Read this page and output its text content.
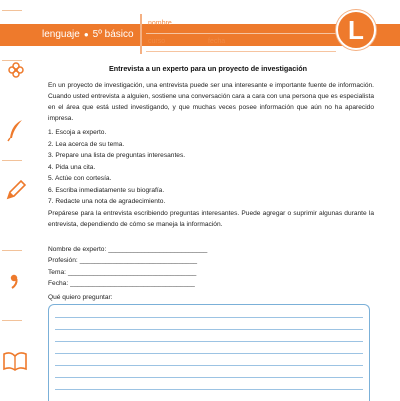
lenguaje ● 5º básico
nombre
curso	fecha	L
Entrevista a un experto para un proyecto de investigación
En un proyecto de investigación, una entrevista puede ser una interesante e importante fuente de información. Cuando usted entrevista a alguien, sostiene una conversación cara a cara con una persona que es especialista en el área que está usted investigando, y que muchas veces posee información que aún no ha aparecido impresa.
1. Escoja a experto.
2. Lea acerca de su tema.
3. Prepare una lista de preguntas interesantes.
4. Pida una cita.
5. Actúe con cortesía.
6. Escriba inmediatamente su biografía.
7. Redacte una nota de agradecimiento.
Prepárese para la entrevista escribiendo preguntas interesantes. Puede agregar o suprimir algunas durante la entrevista, dependiendo de cómo se maneja la información.
Nombre de experto: ___________________________
Profesión: ________________________________
Tema: ___________________________________
Fecha: __________________________________
Qué quiero preguntar:
